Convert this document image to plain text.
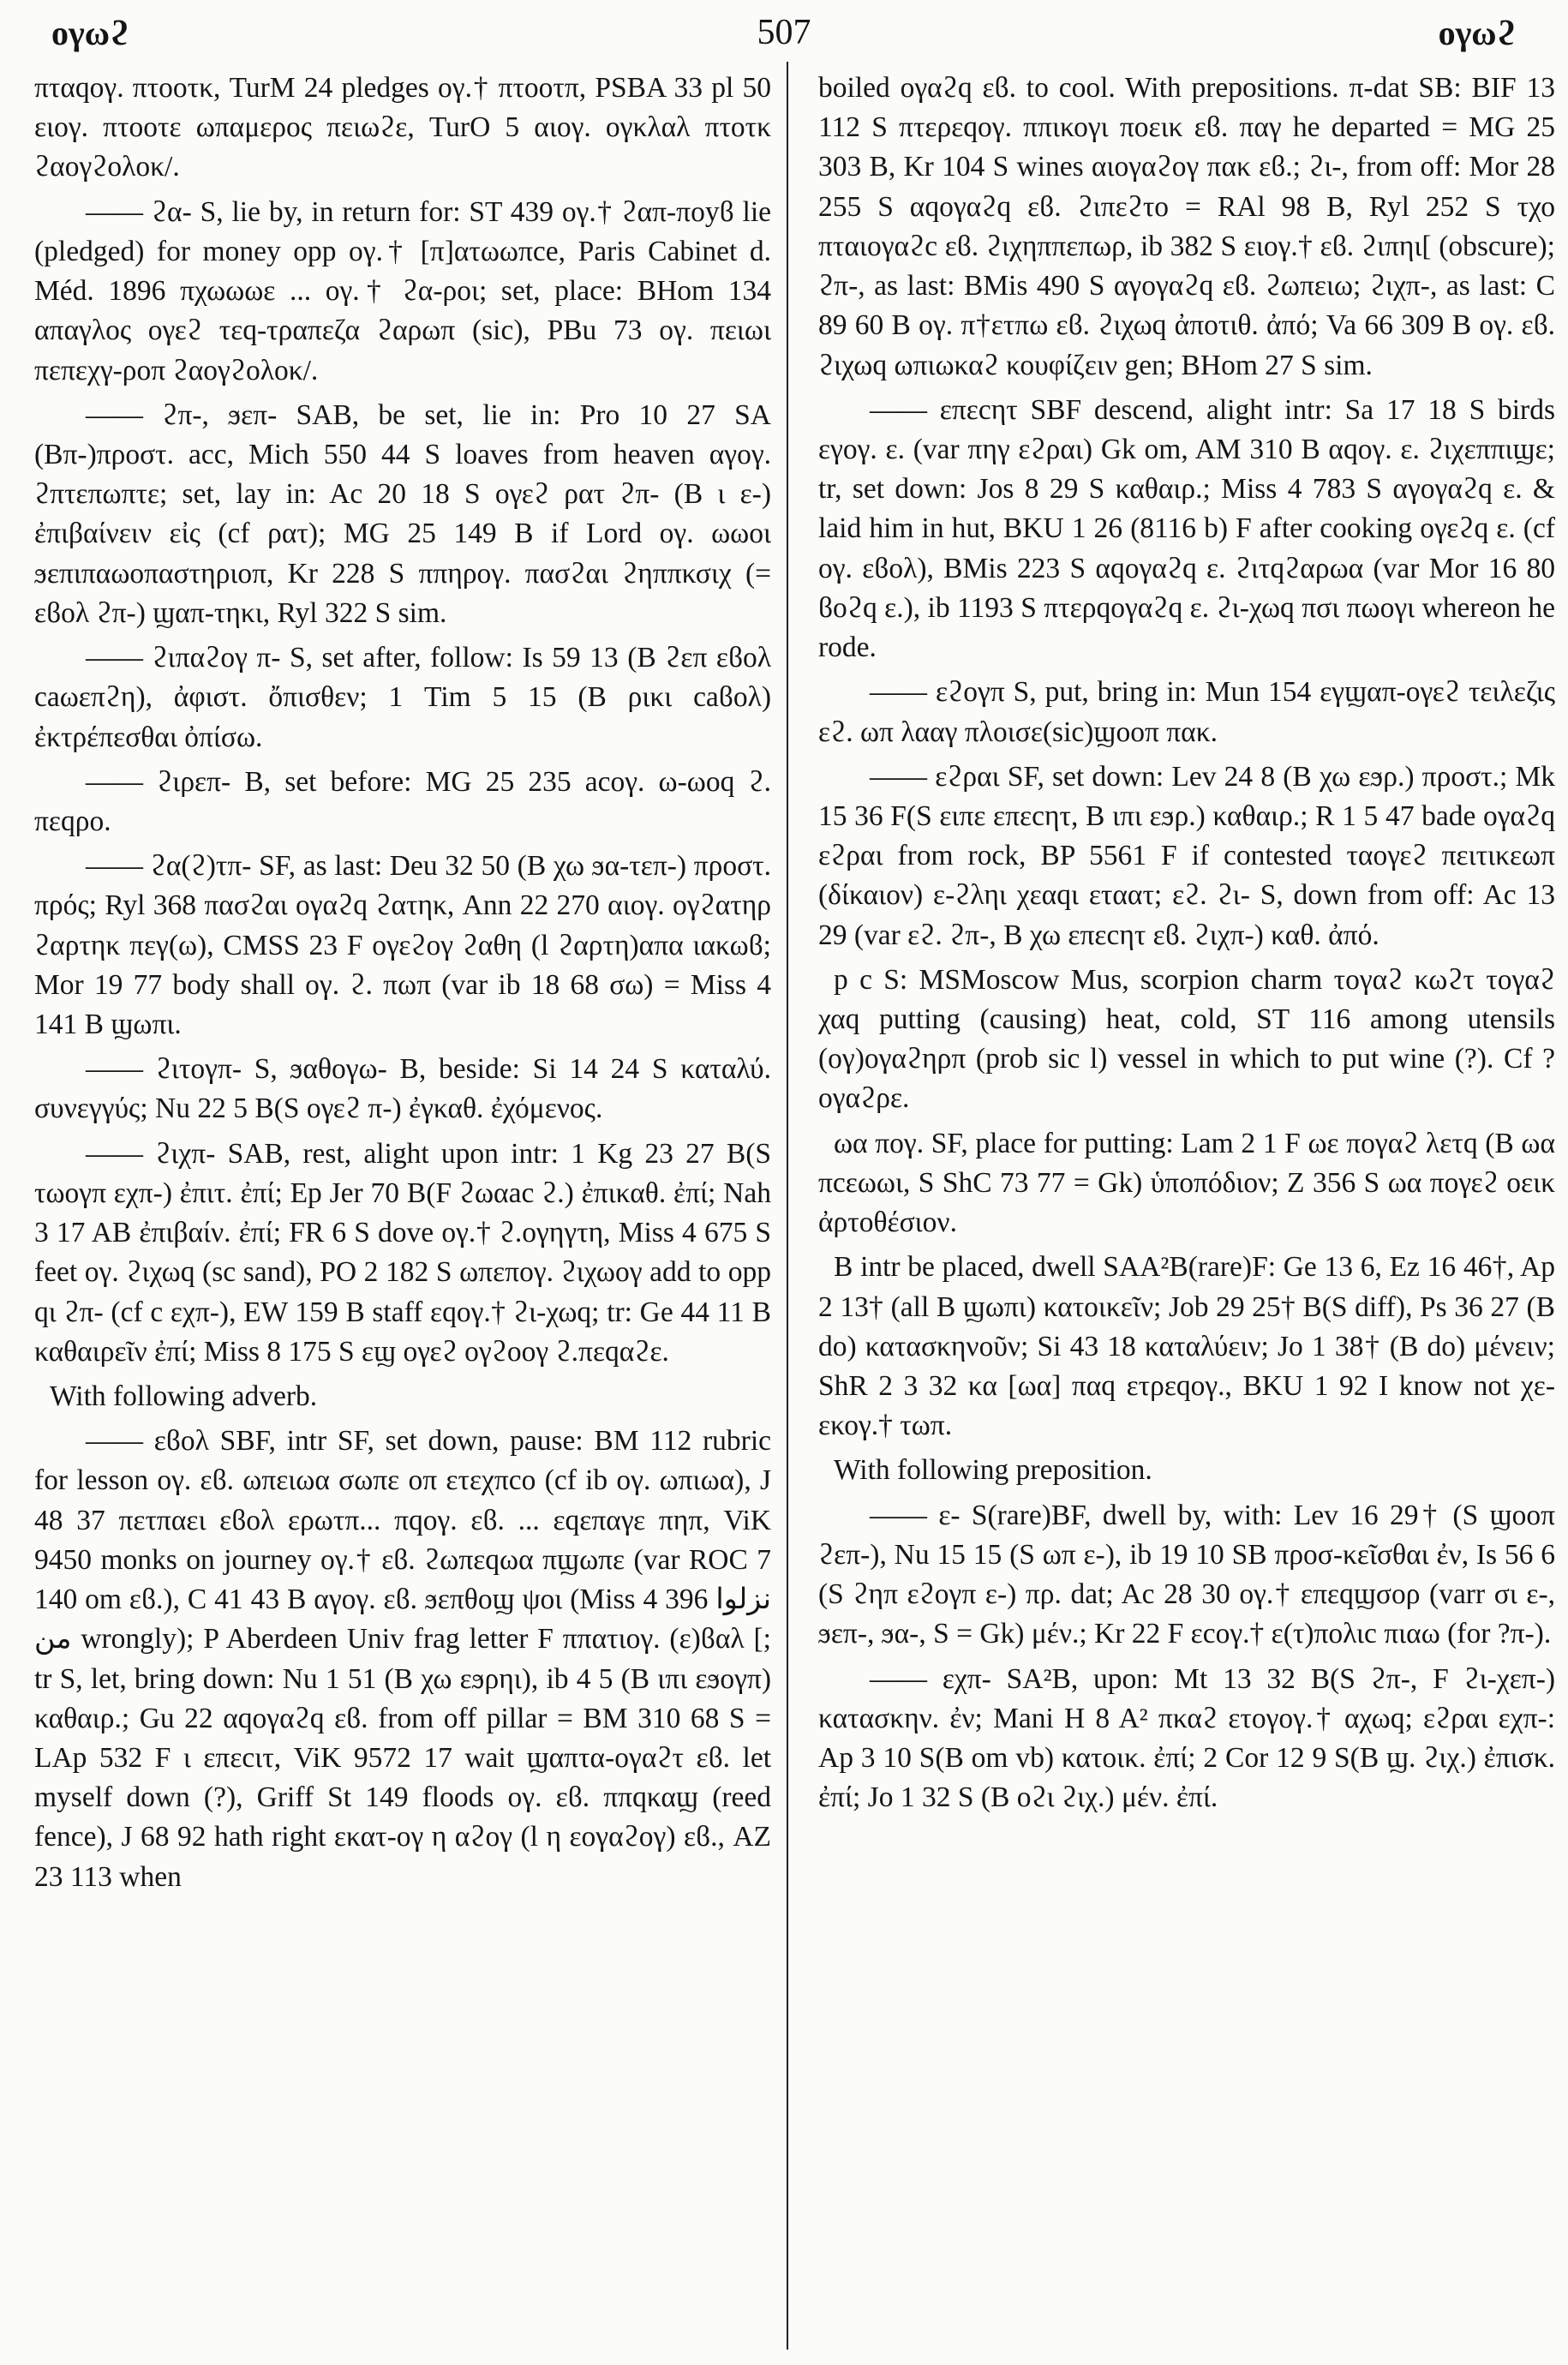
ογωϩ	507	ογωϩ

πταqογ. πτοοτκ, TurM 24 pledges ογ.† πτοοτπ, PSBA 33 pl 50 ειογ. πτοοτε ωπαμερος πειωϩε, TurO 5 αιογ. ογκλαλ πτοτκ ϩαογϩολοκ/.

—— ϩα- S, lie by, in return for: ST 439 ογ.† ϩαπ-ποyϐ lie (pledged) for money opp ογ.† [π]ατωωπce, Paris Cabinet d. Méd. 1896 πχωωωε ... ογ.† ϩα-ροι; set, place: BHom 134 απαγλος ογεϩ τεq-τραπεζα ϩαρωπ (sic), PBu 73 ογ. πειωι πεπεχγ-ροπ ϩαογϩολοκ/.

—— ϩπ-, ϧεπ- SAB, be set, lie in: Pro 10 27 SA (Bπ-)προστ. acc, Mich 550 44 S loaves from heaven αγογ. ϩπτεπωπτε; set, lay in: Ac 20 18 S ογεϩ ρατ ϩπ- (B ι ε-) ἐπιβαίνειν εἰς (cf ρατ); MG 25 149 B if Lord ογ. ωωοι ϧεπιπαωοπαστηριοπ, Kr 228 S ππηρογ. πασϩαι ϩηππκσιχ (= εϐολ ϩπ-) ϣαπ-τηκι, Ryl 322 S sim.

—— ϩιπαϩογ π- S, set after, follow: Is 59 13 (B ϩεπ εϐολ caωεπϩη), ἀφιστ. ὄπισθεν; 1 Tim 5 15 (B ρικι caϐολ) ἐκτρέπεσθαι ὀπίσω.

—— ϩιρεπ- B, set before: MG 25 235 acογ. ω-ωοq ϩ. πεqρο.

—— ϩα(ϩ)τπ- SF, as last: Deu 32 50 (B χω ϧα-τεπ-) προστ. πρός; Ryl 368 πασϩαι ογαϩq ϩατηκ, Ann 22 270 αιογ. ογϩατηρ ϩαρτηκ πεγ(ω), CMSS 23 F ογεϩογ ϩαθη (l ϩαρτη)απα ιακωϐ; Mor 19 77 body shall ογ. ϩ. πωπ (var ib 18 68 σω) = Miss 4 141 B ϣωπι.

—— ϩιτογπ- S, ϧαθογω- B, beside: Si 14 24 S καταλύ. συνεγγύς; Nu 22 5 B(S ογεϩ π-) ἐγκαθ. ἐχόμενος.

—— ϩιχπ- SAB, rest, alight upon intr: 1 Kg 23 27 B(S τωογπ εχπ-) ἐπιτ. ἐπί; Ep Jer 70 B(F ϩωαac ϩ.) ἐπικαθ. ἐπί; Nah 3 17 AB ἐπιβαίν. ἐπί; FR 6 S dove ογ.† ϩ.ογηγτη, Miss 4 675 S feet ογ. ϩιχωq (sc sand), PO 2 182 S ωπεπογ. ϩιχωογ add to opp qι ϩπ- (cf c εχπ-), EW 159 B staff εqογ.† ϩι-χωq; tr: Ge 44 11 B καθαιρεῖν ἐπί; Miss 8 175 S εϣ ογεϩ ογϩοογ ϩ.πεqαϩε.

With following adverb.

—— εϐολ SBF, intr SF, set down, pause: BM 112 rubric for lesson ογ. εϐ. ωπειωα σωπε οπ ετεχπcο (cf ib ογ. ωπιωα), J 48 37 πετπαει εϐολ ερωτπ... πqογ. εϐ. ... εqεπαγε πηπ, ViK 9450 monks on journey ογ.† εϐ. ϩωπεqωα πϣωπε (var ROC 7 140 om εϐ.), C 41 43 B αγογ. εϐ. ϧεπθοϣ ψοι (Miss 4 396 نزلوا من wrongly); P Aberdeen Univ frag letter F ππατιογ. (ε)ϐαλ [; tr S, let, bring down: Nu 1 51 (B χω εϧρηι), ib 4 5 (B ιπι εϧογπ) καθαιρ.; Gu 22 αqογαϩq εϐ. from off pillar = BM 310 68 S = LAp 532 F ι επεcιτ, ViK 9572 17 wait ϣαπτα-ογαϩτ εϐ. let myself down (?), Griff St 149 floods ογ. εϐ. ππqκαϣ (reed fence), J 68 92 hath right εκατ-ογ η αϩογ (l η εογαϩογ) εϐ., AZ 23 113 when

boiled ογαϩq εϐ. to cool. With prepositions. π-dat SB: BIF 13 112 S πτερεqογ. ππικογι ποεικ εϐ. παγ he departed = MG 25 303 B, Kr 104 S wines αιογαϩογ πακ εϐ.; ϩι-, from off: Mor 28 255 S αqογαϩq εϐ. ϩιπεϩτο = RAl 98 B, Ryl 252 S τχο πταιογαϩc εϐ. ϩιχηππεπωρ, ib 382 S ειογ.† εϐ. ϩιπηι[ (obscure); ϩπ-, as last: BMis 490 S αγογαϩq εϐ. ϩωπειω; ϩιχπ-, as last: C 89 60 B ογ. π†ετπω εϐ. ϩιχωq ἀποτιθ. ἀπό; Va 66 309 B ογ. εϐ. ϩιχωq ωπιωκαϩ κουφίζειν gen; BHom 27 S sim.

—— επεcητ SBF descend, alight intr: Sa 17 18 S birds εγογ. ε. (var πηγ εϩραι) Gk om, AM 310 B αqογ. ε. ϩιχεππιϣε; tr, set down: Jos 8 29 S καθαιρ.; Miss 4 783 S αγογαϩq ε. & laid him in hut, BKU 1 26 (8116 b) F after cooking ογεϩq ε. (cf ογ. εϐολ), BMis 223 S αqογαϩq ε. ϩιτqϩαρωα (var Mor 16 80 ϐοϩq ε.), ib 1193 S πτερqογαϩq ε. ϩι-χωq πσι πωογι whereon he rode.

—— εϩογπ S, put, bring in: Mun 154 εγϣαπ-ογεϩ τειλεζις εϩ. ωπ λααγ πλοισε(sic)ϣοοπ πακ.

—— εϩραι SF, set down: Lev 24 8 (B χω εϧρ.) προστ.; Mk 15 36 F(S ειπε επεcητ, B ιπι εϧρ.) καθαιρ.; R 1 5 47 bade ογαϩq εϩραι from rock, BP 5561 F if contested ταογεϩ πειτικεωπ (δίκαιον) ε-ϩληι χεαqι εταατ; εϩ. ϩι- S, down from off: Ac 13 29 (var εϩ. ϩπ-, B χω επεcητ εϐ. ϩιχπ-) καθ. ἀπό.

p c S: MSMoscow Mus, scorpion charm τογαϩ κωϩτ τογαϩ χαq putting (causing) heat, cold, ST 116 among utensils (ογ)ογαϩηρπ (prob sic l) vessel in which to put wine (?). Cf ? ογαϩρε.

ωα πογ. SF, place for putting: Lam 2 1 F ωε πογαϩ λετq (B ωα πcεωωι, S ShC 73 77 = Gk) ὑποπόδιον; Z 356 S ωα πογεϩ οεικ ἀρτοθέσιον.

B intr be placed, dwell SAA²B(rare)F: Ge 13 6, Ez 16 46†, Ap 2 13† (all B ϣωπι) κατοικεῖν; Job 29 25† B(S diff), Ps 36 27 (B do) κατασκηνοῦν; Si 43 18 καταλύειν; Jo 1 38† (B do) μένειν; ShR 2 3 32 κα [ωα] παq ετρεqογ., BKU 1 92 I know not χε-εκογ.† τωπ.

With following preposition.

—— ε- S(rare)BF, dwell by, with: Lev 16 29† (S ϣοοπ ϩεπ-), Nu 15 15 (S ωπ ε-), ib 19 10 SB προσ-κεῖσθαι ἐν, Is 56 6 (S ϩηπ εϩογπ ε-) πρ. dat; Ac 28 30 ογ.† επεqϣσορ (varr σι ε-, ϧεπ-, ϧα-, S = Gk) μέν.; Kr 22 F εcογ.† ε(τ)πολιc πιαω (for ?π-).

—— εχπ- SA²B, upon: Mt 13 32 B(S ϩπ-, F ϩι-χεπ-) κατασκην. ἐν; Mani H 8 A² πκαϩ ετογογ.† αχωq; εϩραι εχπ-: Ap 3 10 S(B om vb) κατοικ. ἐπί; 2 Cor 12 9 S(B ϣ. ϩιχ.) ἐπισκ. ἐπί; Jo 1 32 S (B οϩι ϩιχ.) μέν. ἐπί.
